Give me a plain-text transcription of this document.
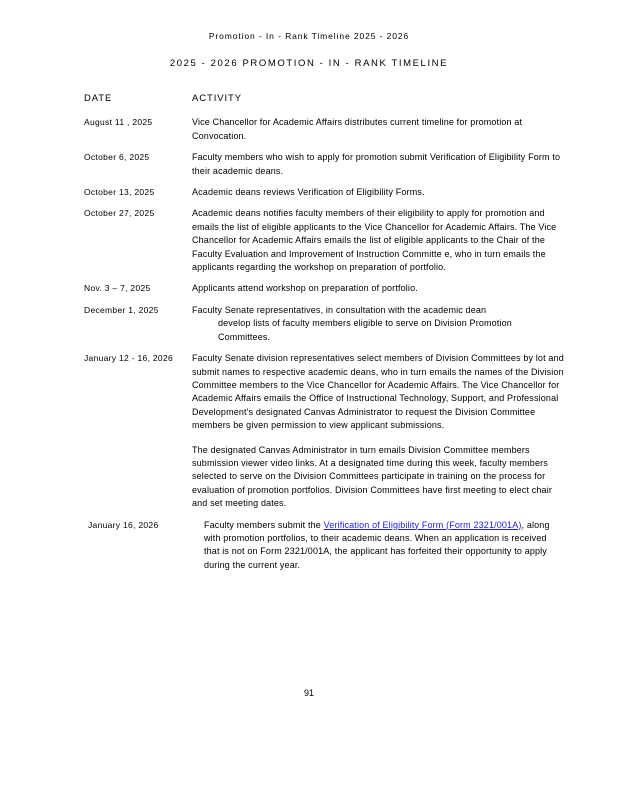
Promotion - In - Rank Timeline 2025 - 2026
2025 - 2026 PROMOTION - IN - RANK TIMELINE
DATE	ACTIVITY
August 11 , 2025	Vice Chancellor for Academic Affairs distributes current timeline for promotion at Convocation.
October 6, 2025	Faculty members who wish to apply for promotion submit Verification of Eligibility Form to their academic deans.
October 13, 2025	Academic deans reviews Verification of Eligibility Forms.
October 27, 2025	Academic deans notifies faculty members of their eligibility to apply for promotion and emails the list of eligible applicants to the Vice Chancellor for Academic Affairs. The Vice Chancellor for Academic Affairs emails the list of eligible applicants to the Chair of the Faculty Evaluation and Improvement of Instruction Committe e, who in turn emails the applicants regarding the workshop on preparation of portfolio.
Nov. 3 – 7, 2025	Applicants attend workshop on preparation of portfolio.
December 1, 2025	Faculty Senate representatives, in consultation with the academic dean
develop lists of faculty members eligible to serve on Division Promotion Committees.
January 12 - 16, 2026	Faculty Senate division representatives select members of Division Committees by lot and submit names to respective academic deans, who in turn emails the names of the Division Committee members to the Vice Chancellor for Academic Affairs. The Vice Chancellor for Academic Affairs emails the Office of Instructional Technology, Support, and Professional Development's designated Canvas Administrator to request the Division Committee members be given permission to view applicant submissions.

The designated Canvas Administrator in turn emails Division Committee members submission viewer video links. At a designated time during this week, faculty members selected to serve on the Division Committees participate in training on the process for evaluation of promotion portfolios. Division Committees have first meeting to elect chair and set meeting dates.

January 16, 2026	Faculty members submit the Verification of Eligibility Form (Form 2321/001A), along with promotion portfolios, to their academic deans. When an application is received that is not on Form 2321/001A, the applicant has forfeited their opportunity to apply during the current year.
91
